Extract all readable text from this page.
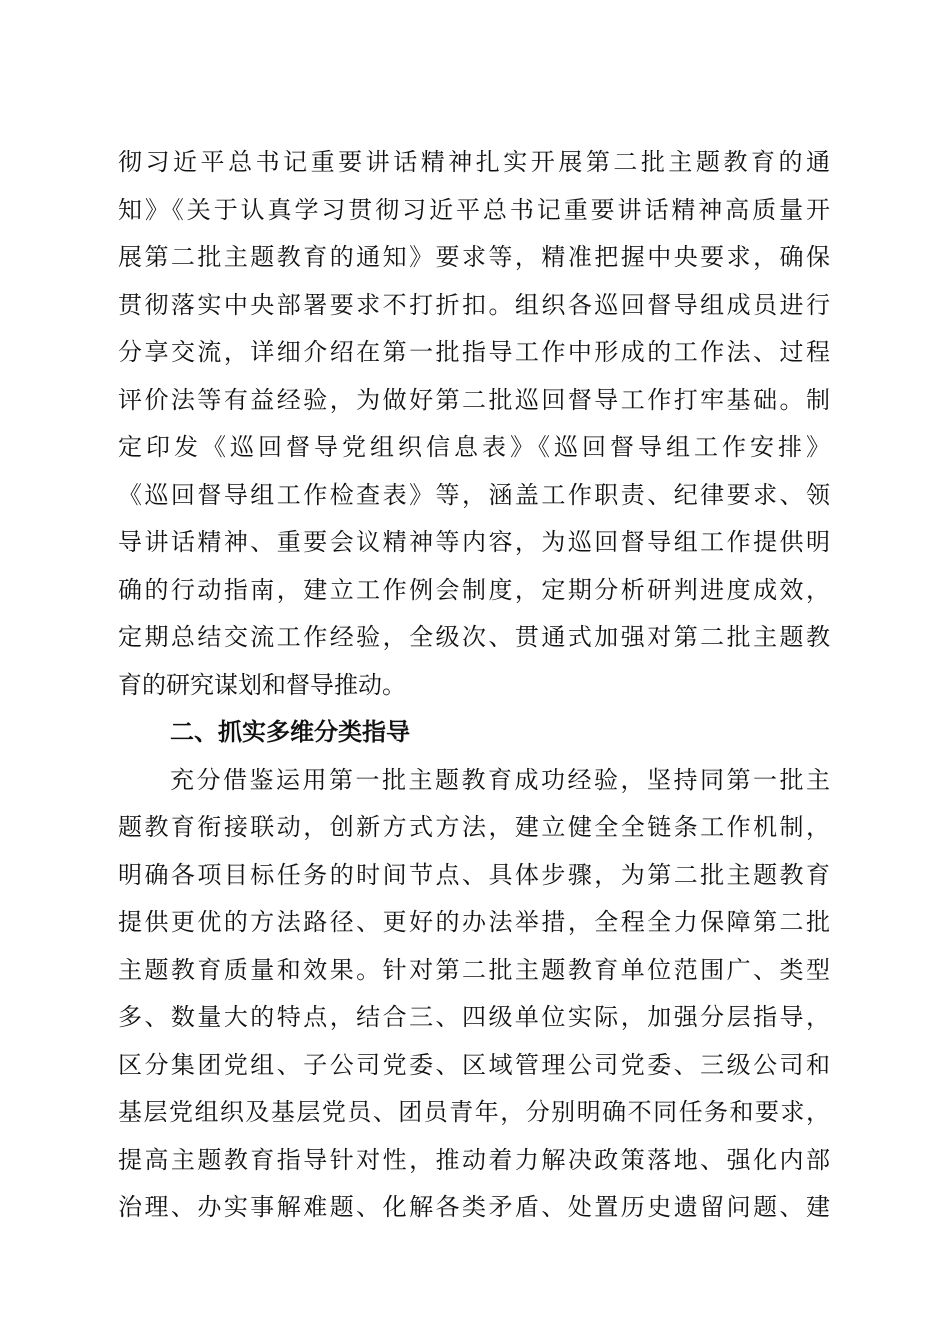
彻习近平总书记重要讲话精神扎实开展第二批主题教育的通
知》《关于认真学习贯彻习近平总书记重要讲话精神高质量开
展第二批主题教育的通知》要求等，精准把握中央要求，确保
贯彻落实中央部署要求不打折扣。组织各巡回督导组成员进行
分享交流，详细介绍在第一批指导工作中形成的工作法、过程
评价法等有益经验，为做好第二批巡回督导工作打牢基础。制
定印发《巡回督导党组织信息表》《巡回督导组工作安排》
《巡回督导组工作检查表》等，涵盖工作职责、纪律要求、领
导讲话精神、重要会议精神等内容，为巡回督导组工作提供明
确的行动指南，建立工作例会制度，定期分析研判进度成效，
定期总结交流工作经验，全级次、贯通式加强对第二批主题教
育的研究谋划和督导推动。
二、抓实多维分类指导
充分借鉴运用第一批主题教育成功经验，坚持同第一批主
题教育衔接联动，创新方式方法，建立健全全链条工作机制，
明确各项目标任务的时间节点、具体步骤，为第二批主题教育
提供更优的方法路径、更好的办法举措，全程全力保障第二批
主题教育质量和效果。针对第二批主题教育单位范围广、类型
多、数量大的特点，结合三、四级单位实际，加强分层指导，
区分集团党组、子公司党委、区域管理公司党委、三级公司和
基层党组织及基层党员、团员青年，分别明确不同任务和要求，
提高主题教育指导针对性，推动着力解决政策落地、强化内部
治理、办实事解难题、化解各类矛盾、处置历史遗留问题、建
